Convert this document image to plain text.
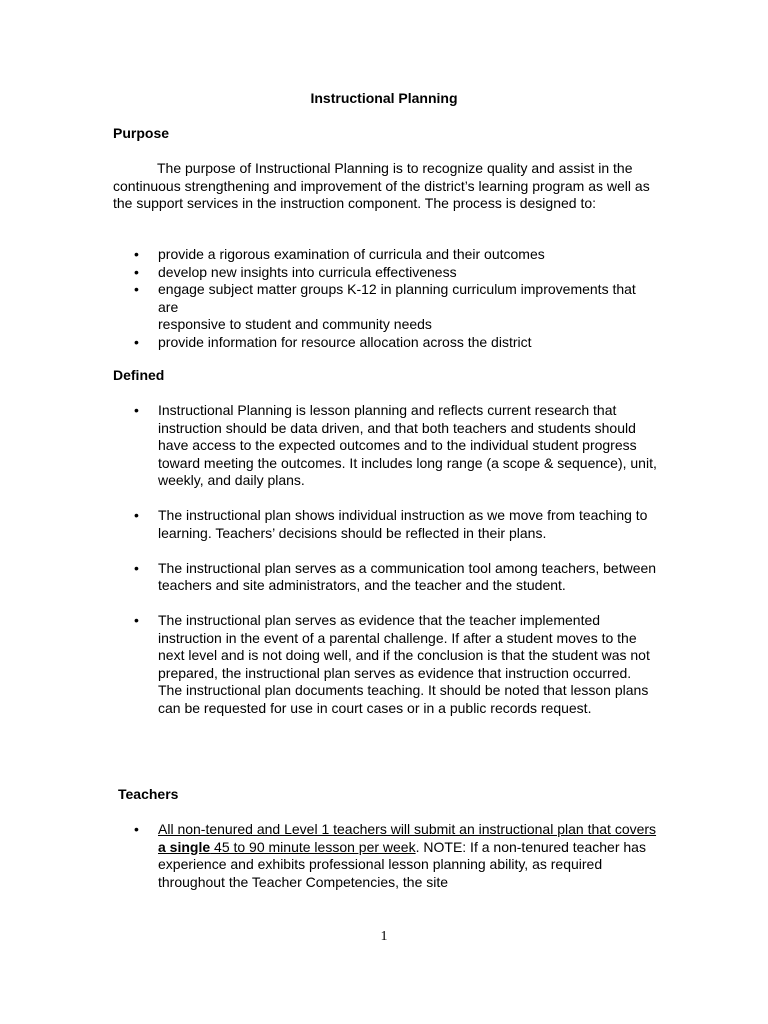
Instructional Planning
Purpose
The purpose of Instructional Planning is to recognize quality and assist in the continuous strengthening and improvement of the district’s learning program as well as the support services in the instruction component. The process is designed to:
• provide a rigorous examination of curricula and their outcomes
• develop new insights into curricula effectiveness
• engage subject matter groups K-12 in planning curriculum improvements that are
responsive to student and community needs
• provide information for resource allocation across the district
Defined
• Instructional Planning is lesson planning and reflects current research that instruction should be data driven, and that both teachers and students should have access to the expected outcomes and to the individual student progress toward meeting the outcomes. It includes long range (a scope & sequence), unit, weekly, and daily plans.
• The instructional plan shows individual instruction as we move from teaching to learning. Teachers’ decisions should be reflected in their plans.
• The instructional plan serves as a communication tool among teachers, between teachers and site administrators, and the teacher and the student.
• The instructional plan serves as evidence that the teacher implemented instruction in the event of a parental challenge. If after a student moves to the next level and is not doing well, and if the conclusion is that the student was not prepared, the instructional plan serves as evidence that instruction occurred. The instructional plan documents teaching. It should be noted that lesson plans can be requested for use in court cases or in a public records request.
Teachers
• All non-tenured and Level 1 teachers will submit an instructional plan that covers a single 45 to 90 minute lesson per week. NOTE: If a non-tenured teacher has experience and exhibits professional lesson planning ability, as required throughout the Teacher Competencies, the site
1
